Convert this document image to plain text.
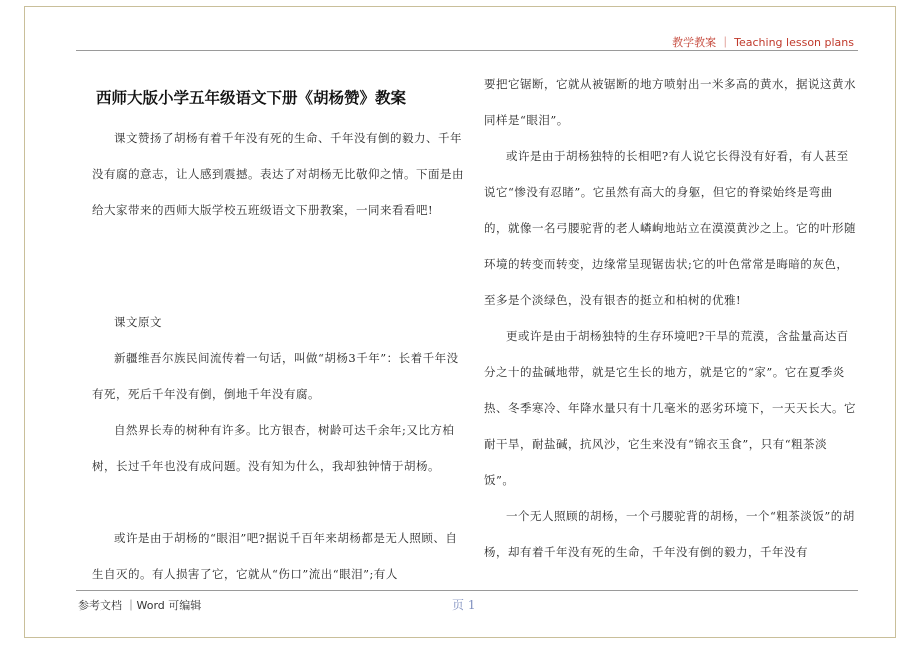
教学教案 ｜ Teaching lesson plans
西师大版小学五年级语文下册《胡杨赞》教案

课文赞扬了胡杨有着千年没有死的生命、千年没有倒的毅力、千年没有腐的意志，让人感到震撼。表达了对胡杨无比敬仰之情。下面是由给大家带来的西师大版学校五班级语文下册教案，一同来看看吧!

课文原文

新疆维吾尔族民间流传着一句话，叫做“胡杨3千年”：长着千年没有死，死后千年没有倒，倒地千年没有腐。

自然界长寿的树种有许多。比方银杏，树龄可达千余年;又比方柏树，长过千年也没有成问题。没有知为什么，我却独钟情于胡杨。

或许是由于胡杨的“眼泪”吧?据说千百年来胡杨都是无人照顾、自生自灭的。有人损害了它，它就从“伤口”流出“眼泪”;有人

要把它锯断，它就从被锯断的地方喷射出一米多高的黄水，据说这黄水同样是“眼泪”。

或许是由于胡杨独特的长相吧?有人说它长得没有好看，有人甚至说它“惨没有忍睹”。它虽然有高大的身躯，但它的脊梁始终是弯曲的，就像一名弓腰驼背的老人嶙峋地站立在漠漠黄沙之上。它的叶形随环境的转变而转变，边缘常呈现锯齿状;它的叶色常常是晦暗的灰色，至多是个淡绿色，没有银杏的挺立和柏树的优雅!

更或许是由于胡杨独特的生存环境吧?干旱的荒漠，含盐量高达百分之十的盐碱地带，就是它生长的地方，就是它的“家”。它在夏季炎热、冬季寒冷、年降水量只有十几毫米的恶劣环境下，一天天长大。它耐干旱，耐盐碱，抗风沙，它生来没有“锦衣玉食”，只有“粗茶淡饭”。

一个无人照顾的胡杨，一个弓腰驼背的胡杨，一个“粗茶淡饭”的胡杨，却有着千年没有死的生命，千年没有倒的毅力，千年没有

参考文档 ｜Word 可编辑	页 1
